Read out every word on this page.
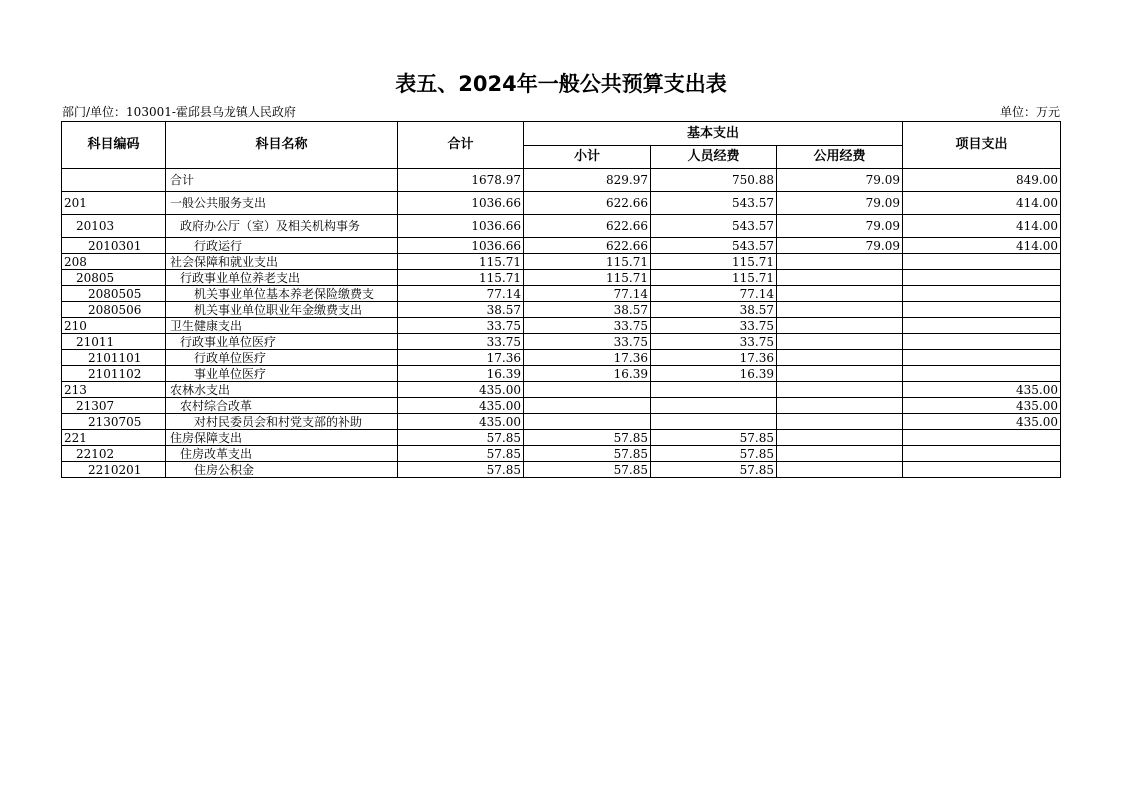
表五、2024年一般公共预算支出表
部门/单位：103001-霍邱县乌龙镇人民政府	单位：万元
科目编码	科目名称	合计	基本支出			项目支出
			小计	人员经费	公用经费	
	合计	1678.97	829.97	750.88	79.09	849.00
201	一般公共服务支出	1036.66	622.66	543.57	79.09	414.00
20103	政府办公厅（室）及相关机构事务	1036.66	622.66	543.57	79.09	414.00
2010301	行政运行	1036.66	622.66	543.57	79.09	414.00
208	社会保障和就业支出	115.71	115.71	115.71		
20805	行政事业单位养老支出	115.71	115.71	115.71		
2080505	机关事业单位基本养老保险缴费支	77.14	77.14	77.14		
2080506	机关事业单位职业年金缴费支出	38.57	38.57	38.57		
210	卫生健康支出	33.75	33.75	33.75		
21011	行政事业单位医疗	33.75	33.75	33.75		
2101101	行政单位医疗	17.36	17.36	17.36		
2101102	事业单位医疗	16.39	16.39	16.39		
213	农林水支出	435.00				435.00
21307	农村综合改革	435.00				435.00
2130705	对村民委员会和村党支部的补助	435.00				435.00
221	住房保障支出	57.85	57.85	57.85		
22102	住房改革支出	57.85	57.85	57.85		
2210201	住房公积金	57.85	57.85	57.85		
